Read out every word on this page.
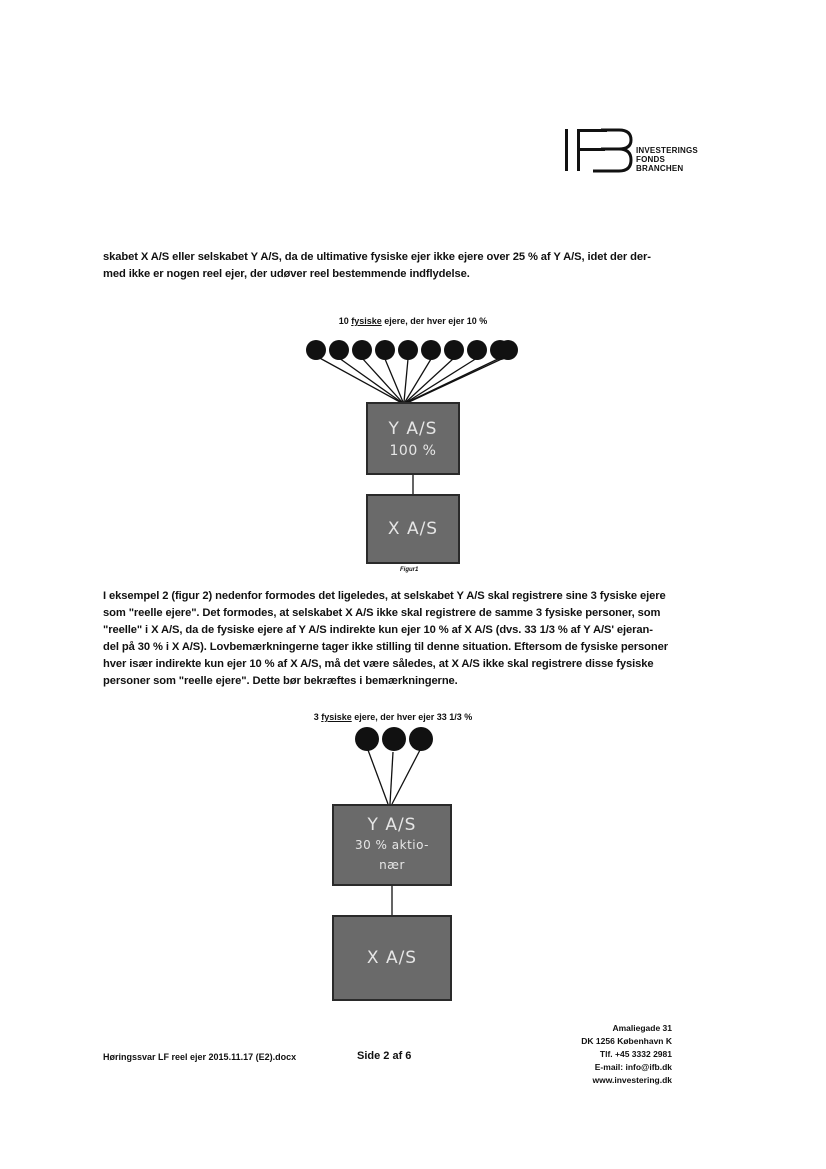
INVESTERINGS
FONDS
BRANCHEN
skabet X A/S eller selskabet Y A/S, da de ultimative fysiske ejer ikke ejere over 25 % af Y A/S, idet der der-
med ikke er nogen reel ejer, der udøver reel bestemmende indflydelse.
10 fysiske ejere, der hver ejer 10 %
Y A/S
100 %
X A/S
Figur1
I eksempel 2 (figur 2) nedenfor formodes det ligeledes, at selskabet Y A/S skal registrere sine 3 fysiske ejere
som "reelle ejere". Det formodes, at selskabet X A/S ikke skal registrere de samme 3 fysiske personer, som
"reelle" i X A/S, da de fysiske ejere af Y A/S indirekte kun ejer 10 % af X A/S (dvs. 33 1/3 % af Y A/S' ejeran-
del på 30 % i X A/S). Lovbemærkningerne tager ikke stilling til denne situation. Eftersom de fysiske personer
hver især indirekte kun ejer 10 % af X A/S, må det være således, at X A/S ikke skal registrere disse fysiske
personer som "reelle ejere". Dette bør bekræftes i bemærkningerne.
3 fysiske ejere, der hver ejer 33 1/3 %
Y A/S
30 % aktio-
nær
X A/S
Høringssvar LF reel ejer 2015.11.17 (E2).docx	Side 2 af 6
Amaliegade 31
DK 1256 København K
Tlf. +45 3332 2981
E-mail: info@ifb.dk
www.investering.dk
